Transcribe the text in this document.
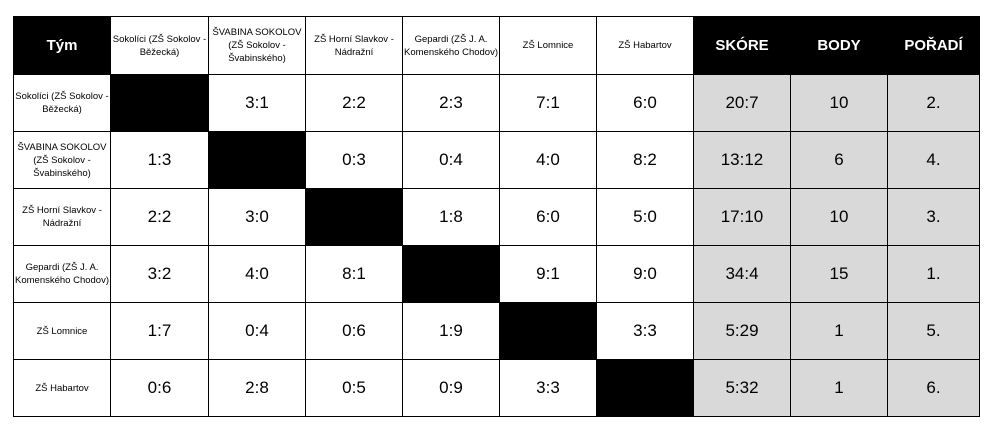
Tým	Sokolíci (ZŠ Sokolov - Běžecká)	ŠVABINA SOKOLOV (ZŠ Sokolov - Švabinského)	ZŠ Horní Slavkov - Nádražní	Gepardi (ZŠ J. A. Komenského Chodov)	ZŠ Lomnice	ZŠ Habartov	SKÓRE	BODY	POŘADÍ
Sokolíci (ZŠ Sokolov - Běžecká)		3:1	2:2	2:3	7:1	6:0	20:7	10	2.
ŠVABINA SOKOLOV (ZŠ Sokolov - Švabinského)	1:3		0:3	0:4	4:0	8:2	13:12	6	4.
ZŠ Horní Slavkov - Nádražní	2:2	3:0		1:8	6:0	5:0	17:10	10	3.
Gepardi (ZŠ J. A. Komenského Chodov)	3:2	4:0	8:1		9:1	9:0	34:4	15	1.
ZŠ Lomnice	1:7	0:4	0:6	1:9		3:3	5:29	1	5.
ZŠ Habartov	0:6	2:8	0:5	0:9	3:3		5:32	1	6.
